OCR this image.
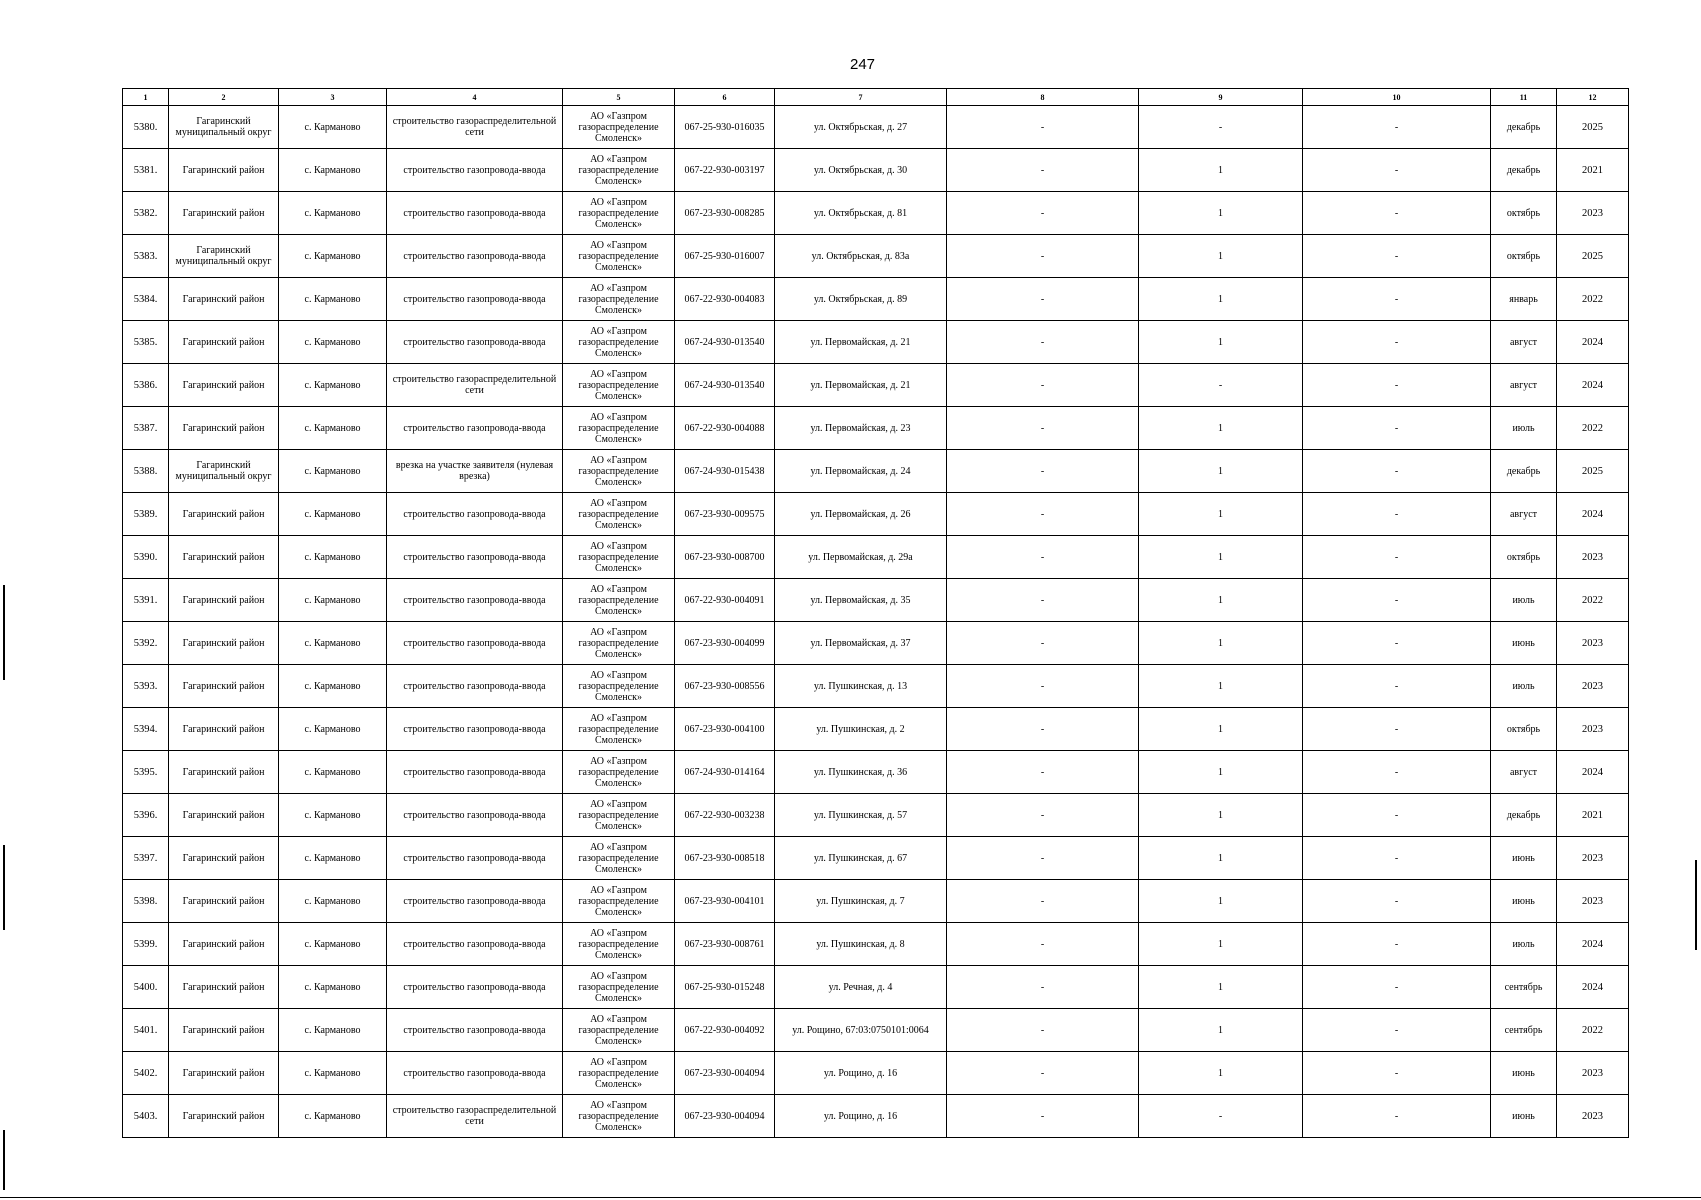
247
1	2	3	4	5	6	7	8	9	10	11	12
5380.	Гагаринский муниципальный округ	с. Карманово	строительство газораспределительной сети	АО «Газпром газораспределение Смоленск»	067-25-930-016035	ул. Октябрьская, д. 27	-	-	-	декабрь	2025
5381.	Гагаринский район	с. Карманово	строительство газопровода-ввода	АО «Газпром газораспределение Смоленск»	067-22-930-003197	ул. Октябрьская, д. 30	-	1	-	декабрь	2021
5382.	Гагаринский район	с. Карманово	строительство газопровода-ввода	АО «Газпром газораспределение Смоленск»	067-23-930-008285	ул. Октябрьская, д. 81	-	1	-	октябрь	2023
5383.	Гагаринский муниципальный округ	с. Карманово	строительство газопровода-ввода	АО «Газпром газораспределение Смоленск»	067-25-930-016007	ул. Октябрьская, д. 83а	-	1	-	октябрь	2025
5384.	Гагаринский район	с. Карманово	строительство газопровода-ввода	АО «Газпром газораспределение Смоленск»	067-22-930-004083	ул. Октябрьская, д. 89	-	1	-	январь	2022
5385.	Гагаринский район	с. Карманово	строительство газопровода-ввода	АО «Газпром газораспределение Смоленск»	067-24-930-013540	ул. Первомайская, д. 21	-	1	-	август	2024
5386.	Гагаринский район	с. Карманово	строительство газораспределительной сети	АО «Газпром газораспределение Смоленск»	067-24-930-013540	ул. Первомайская, д. 21	-	-	-	август	2024
5387.	Гагаринский район	с. Карманово	строительство газопровода-ввода	АО «Газпром газораспределение Смоленск»	067-22-930-004088	ул. Первомайская, д. 23	-	1	-	июль	2022
5388.	Гагаринский муниципальный округ	с. Карманово	врезка на участке заявителя (нулевая врезка)	АО «Газпром газораспределение Смоленск»	067-24-930-015438	ул. Первомайская, д. 24	-	1	-	декабрь	2025
5389.	Гагаринский район	с. Карманово	строительство газопровода-ввода	АО «Газпром газораспределение Смоленск»	067-23-930-009575	ул. Первомайская, д. 26	-	1	-	август	2024
5390.	Гагаринский район	с. Карманово	строительство газопровода-ввода	АО «Газпром газораспределение Смоленск»	067-23-930-008700	ул. Первомайская, д. 29а	-	1	-	октябрь	2023
5391.	Гагаринский район	с. Карманово	строительство газопровода-ввода	АО «Газпром газораспределение Смоленск»	067-22-930-004091	ул. Первомайская, д. 35	-	1	-	июль	2022
5392.	Гагаринский район	с. Карманово	строительство газопровода-ввода	АО «Газпром газораспределение Смоленск»	067-23-930-004099	ул. Первомайская, д. 37	-	1	-	июнь	2023
5393.	Гагаринский район	с. Карманово	строительство газопровода-ввода	АО «Газпром газораспределение Смоленск»	067-23-930-008556	ул. Пушкинская, д. 13	-	1	-	июль	2023
5394.	Гагаринский район	с. Карманово	строительство газопровода-ввода	АО «Газпром газораспределение Смоленск»	067-23-930-004100	ул. Пушкинская, д. 2	-	1	-	октябрь	2023
5395.	Гагаринский район	с. Карманово	строительство газопровода-ввода	АО «Газпром газораспределение Смоленск»	067-24-930-014164	ул. Пушкинская, д. 36	-	1	-	август	2024
5396.	Гагаринский район	с. Карманово	строительство газопровода-ввода	АО «Газпром газораспределение Смоленск»	067-22-930-003238	ул. Пушкинская, д. 57	-	1	-	декабрь	2021
5397.	Гагаринский район	с. Карманово	строительство газопровода-ввода	АО «Газпром газораспределение Смоленск»	067-23-930-008518	ул. Пушкинская, д. 67	-	1	-	июнь	2023
5398.	Гагаринский район	с. Карманово	строительство газопровода-ввода	АО «Газпром газораспределение Смоленск»	067-23-930-004101	ул. Пушкинская, д. 7	-	1	-	июнь	2023
5399.	Гагаринский район	с. Карманово	строительство газопровода-ввода	АО «Газпром газораспределение Смоленск»	067-23-930-008761	ул. Пушкинская, д. 8	-	1	-	июль	2024
5400.	Гагаринский район	с. Карманово	строительство газопровода-ввода	АО «Газпром газораспределение Смоленск»	067-25-930-015248	ул. Речная, д. 4	-	1	-	сентябрь	2024
5401.	Гагаринский район	с. Карманово	строительство газопровода-ввода	АО «Газпром газораспределение Смоленск»	067-22-930-004092	ул. Рощино, 67:03:0750101:0064	-	1	-	сентябрь	2022
5402.	Гагаринский район	с. Карманово	строительство газопровода-ввода	АО «Газпром газораспределение Смоленск»	067-23-930-004094	ул. Рощино, д. 16	-	1	-	июнь	2023
5403.	Гагаринский район	с. Карманово	строительство газораспределительной сети	АО «Газпром газораспределение Смоленск»	067-23-930-004094	ул. Рощино, д. 16	-	-	-	июнь	2023
